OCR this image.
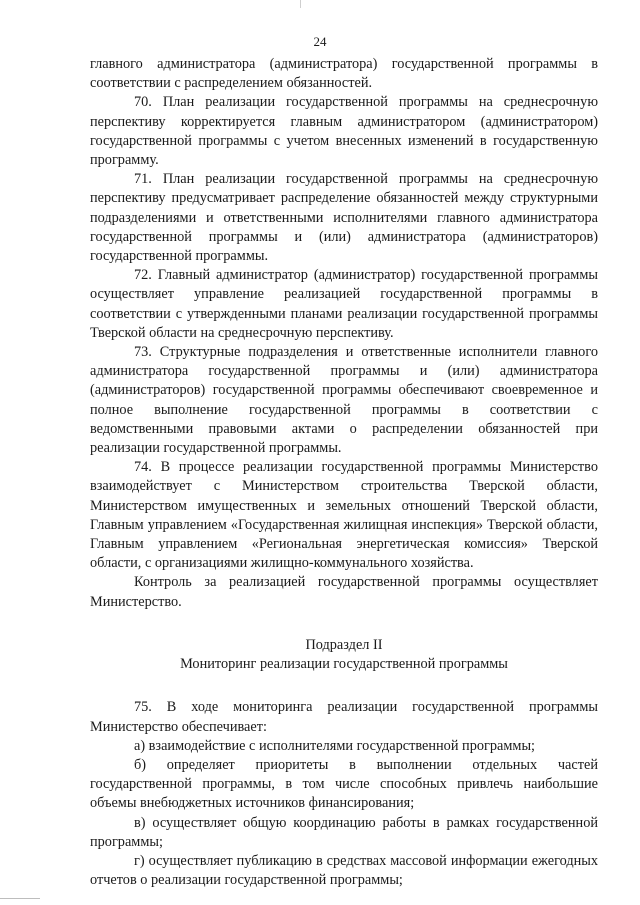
24

главного администратора (администратора) государственной программы в соответствии с распределением обязанностей.

70. План реализации государственной программы на среднесрочную перспективу корректируется главным администратором (администратором) государственной программы с учетом внесенных изменений в государственную программу.

71. План реализации государственной программы на среднесрочную перспективу предусматривает распределение обязанностей между структурными подразделениями и ответственными исполнителями главного администратора государственной программы и (или) администратора (администраторов) государственной программы.

72. Главный администратор (администратор) государственной программы осуществляет управление реализацией государственной программы в соответствии с утвержденными планами реализации государственной программы Тверской области на среднесрочную перспективу.

73. Структурные подразделения и ответственные исполнители главного администратора государственной программы и (или) администратора (администраторов) государственной программы обеспечивают своевременное и полное выполнение государственной программы в соответствии с ведомственными правовыми актами о распределении обязанностей при реализации государственной программы.

74. В процессе реализации государственной программы Министерство взаимодействует с Министерством строительства Тверской области, Министерством имущественных и земельных отношений Тверской области, Главным управлением «Государственная жилищная инспекция» Тверской области, Главным управлением «Региональная энергетическая комиссия» Тверской области, с организациями жилищно-коммунального хозяйства.

Контроль за реализацией государственной программы осуществляет Министерство.

Подраздел II

Мониторинг реализации государственной программы

75. В ходе мониторинга реализации государственной программы Министерство обеспечивает:

а) взаимодействие с исполнителями государственной программы;

б) определяет приоритеты в выполнении отдельных частей государственной программы, в том числе способных привлечь наибольшие объемы внебюджетных источников финансирования;

в) осуществляет общую координацию работы в рамках государственной программы;

г) осуществляет публикацию в средствах массовой информации ежегодных отчетов о реализации государственной программы;
